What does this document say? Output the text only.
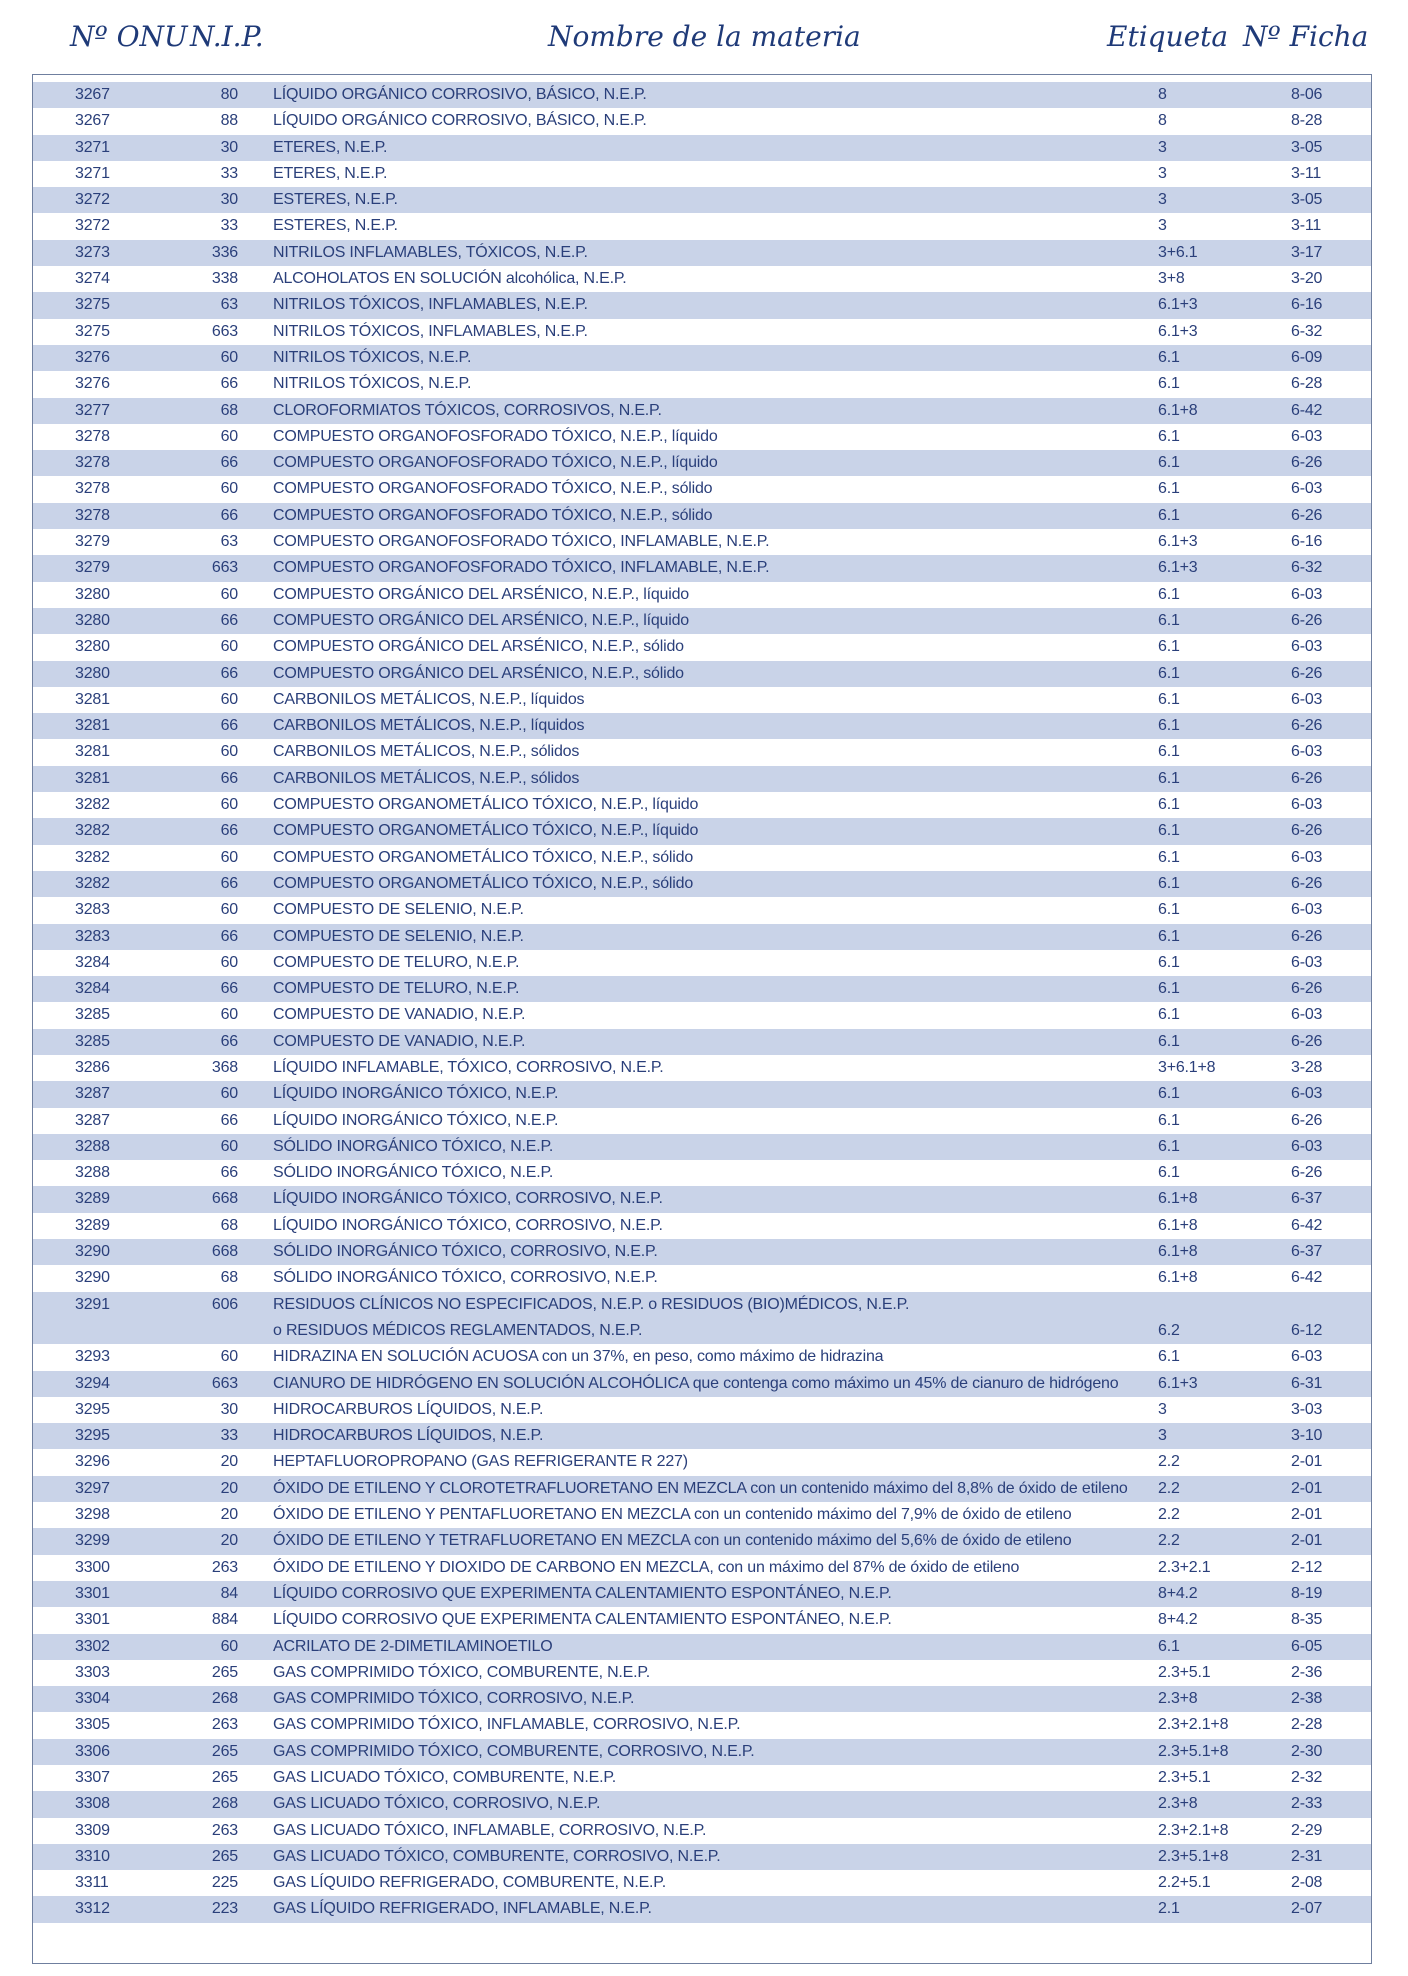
Nº ONU N.I.P.	Nombre de la materia	Etiqueta Nº Ficha
3267	80 LÍQUIDO ORGÁNICO CORROSIVO, BÁSICO, N.E.P.	8	8-06
3267	88 LÍQUIDO ORGÁNICO CORROSIVO, BÁSICO, N.E.P.	8	8-28
3271	30 ETERES, N.E.P.	3	3-05
3271	33 ETERES, N.E.P.	3	3-11
3272	30 ESTERES, N.E.P.	3	3-05
3272	33 ESTERES, N.E.P.	3	3-11
3273	336 NITRILOS INFLAMABLES, TÓXICOS, N.E.P.	3+6.1	3-17
3274	338 ALCOHOLATOS EN SOLUCIÓN alcohólica, N.E.P.	3+8	3-20
3275	63 NITRILOS TÓXICOS, INFLAMABLES, N.E.P.	6.1+3	6-16
3275	663 NITRILOS TÓXICOS, INFLAMABLES, N.E.P.	6.1+3	6-32
3276	60 NITRILOS TÓXICOS, N.E.P.	6.1	6-09
3276	66 NITRILOS TÓXICOS, N.E.P.	6.1	6-28
3277	68 CLOROFORMIATOS TÓXICOS, CORROSIVOS, N.E.P.	6.1+8	6-42
3278	60 COMPUESTO ORGANOFOSFORADO TÓXICO, N.E.P., líquido	6.1	6-03
3278	66 COMPUESTO ORGANOFOSFORADO TÓXICO, N.E.P., líquido	6.1	6-26
3278	60 COMPUESTO ORGANOFOSFORADO TÓXICO, N.E.P., sólido	6.1	6-03
3278	66 COMPUESTO ORGANOFOSFORADO TÓXICO, N.E.P., sólido	6.1	6-26
3279	63 COMPUESTO ORGANOFOSFORADO TÓXICO, INFLAMABLE, N.E.P.	6.1+3	6-16
3279	663 COMPUESTO ORGANOFOSFORADO TÓXICO, INFLAMABLE, N.E.P.	6.1+3	6-32
3280	60 COMPUESTO ORGÁNICO DEL ARSÉNICO, N.E.P., líquido	6.1	6-03
3280	66 COMPUESTO ORGÁNICO DEL ARSÉNICO, N.E.P., líquido	6.1	6-26
3280	60 COMPUESTO ORGÁNICO DEL ARSÉNICO, N.E.P., sólido	6.1	6-03
3280	66 COMPUESTO ORGÁNICO DEL ARSÉNICO, N.E.P., sólido	6.1	6-26
3281	60 CARBONILOS METÁLICOS, N.E.P., líquidos	6.1	6-03
3281	66 CARBONILOS METÁLICOS, N.E.P., líquidos	6.1	6-26
3281	60 CARBONILOS METÁLICOS, N.E.P., sólidos	6.1	6-03
3281	66 CARBONILOS METÁLICOS, N.E.P., sólidos	6.1	6-26
3282	60 COMPUESTO ORGANOMETÁLICO TÓXICO, N.E.P., líquido	6.1	6-03
3282	66 COMPUESTO ORGANOMETÁLICO TÓXICO, N.E.P., líquido	6.1	6-26
3282	60 COMPUESTO ORGANOMETÁLICO TÓXICO, N.E.P., sólido	6.1	6-03
3282	66 COMPUESTO ORGANOMETÁLICO TÓXICO, N.E.P., sólido	6.1	6-26
3283	60 COMPUESTO DE SELENIO, N.E.P.	6.1	6-03
3283	66 COMPUESTO DE SELENIO, N.E.P.	6.1	6-26
3284	60 COMPUESTO DE TELURO, N.E.P.	6.1	6-03
3284	66 COMPUESTO DE TELURO, N.E.P.	6.1	6-26
3285	60 COMPUESTO DE VANADIO, N.E.P.	6.1	6-03
3285	66 COMPUESTO DE VANADIO, N.E.P.	6.1	6-26
3286	368 LÍQUIDO INFLAMABLE, TÓXICO, CORROSIVO, N.E.P.	3+6.1+8	3-28
3287	60 LÍQUIDO INORGÁNICO TÓXICO, N.E.P.	6.1	6-03
3287	66 LÍQUIDO INORGÁNICO TÓXICO, N.E.P.	6.1	6-26
3288	60 SÓLIDO INORGÁNICO TÓXICO, N.E.P.	6.1	6-03
3288	66 SÓLIDO INORGÁNICO TÓXICO, N.E.P.	6.1	6-26
3289	668 LÍQUIDO INORGÁNICO TÓXICO, CORROSIVO, N.E.P.	6.1+8	6-37
3289	68 LÍQUIDO INORGÁNICO TÓXICO, CORROSIVO, N.E.P.	6.1+8	6-42
3290	668 SÓLIDO INORGÁNICO TÓXICO, CORROSIVO, N.E.P.	6.1+8	6-37
3290	68 SÓLIDO INORGÁNICO TÓXICO, CORROSIVO, N.E.P.	6.1+8	6-42
3291	606 RESIDUOS CLÍNICOS NO ESPECIFICADOS, N.E.P. o RESIDUOS (BIO)MÉDICOS, N.E.P.
o RESIDUOS MÉDICOS REGLAMENTADOS, N.E.P.	6.2	6-12
3293	60 HIDRAZINA EN SOLUCIÓN ACUOSA con un 37%, en peso, como máximo de hidrazina	6.1	6-03
3294	663 CIANURO DE HIDRÓGENO EN SOLUCIÓN ALCOHÓLICA que contenga como máximo un 45% de cianuro de hidrógeno	6.1+3	6-31
3295	30 HIDROCARBUROS LÍQUIDOS, N.E.P.	3	3-03
3295	33 HIDROCARBUROS LÍQUIDOS, N.E.P.	3	3-10
3296	20 HEPTAFLUOROPROPANO (GAS REFRIGERANTE R 227)	2.2	2-01
3297	20 ÓXIDO DE ETILENO Y CLOROTETRAFLUORETANO EN MEZCLA con un contenido máximo del 8,8% de óxido de etileno	2.2	2-01
3298	20 ÓXIDO DE ETILENO Y PENTAFLUORETANO EN MEZCLA con un contenido máximo del 7,9% de óxido de etileno	2.2	2-01
3299	20 ÓXIDO DE ETILENO Y TETRAFLUORETANO EN MEZCLA con un contenido máximo del 5,6% de óxido de etileno	2.2	2-01
3300	263 ÓXIDO DE ETILENO Y DIOXIDO DE CARBONO EN MEZCLA, con un máximo del 87% de óxido de etileno	2.3+2.1	2-12
3301	84 LÍQUIDO CORROSIVO QUE EXPERIMENTA CALENTAMIENTO ESPONTÁNEO, N.E.P.	8+4.2	8-19
3301	884 LÍQUIDO CORROSIVO QUE EXPERIMENTA CALENTAMIENTO ESPONTÁNEO, N.E.P.	8+4.2	8-35
3302	60 ACRILATO DE 2-DIMETILAMINOETILO	6.1	6-05
3303	265 GAS COMPRIMIDO TÓXICO, COMBURENTE, N.E.P.	2.3+5.1	2-36
3304	268 GAS COMPRIMIDO TÓXICO, CORROSIVO, N.E.P.	2.3+8	2-38
3305	263 GAS COMPRIMIDO TÓXICO, INFLAMABLE, CORROSIVO, N.E.P.	2.3+2.1+8	2-28
3306	265 GAS COMPRIMIDO TÓXICO, COMBURENTE, CORROSIVO, N.E.P.	2.3+5.1+8	2-30
3307	265 GAS LICUADO TÓXICO, COMBURENTE, N.E.P.	2.3+5.1	2-32
3308	268 GAS LICUADO TÓXICO, CORROSIVO, N.E.P.	2.3+8	2-33
3309	263 GAS LICUADO TÓXICO, INFLAMABLE, CORROSIVO, N.E.P.	2.3+2.1+8	2-29
3310	265 GAS LICUADO TÓXICO, COMBURENTE, CORROSIVO, N.E.P.	2.3+5.1+8	2-31
3311	225 GAS LÍQUIDO REFRIGERADO, COMBURENTE, N.E.P.	2.2+5.1	2-08
3312	223 GAS LÍQUIDO REFRIGERADO, INFLAMABLE, N.E.P.	2.1	2-07
